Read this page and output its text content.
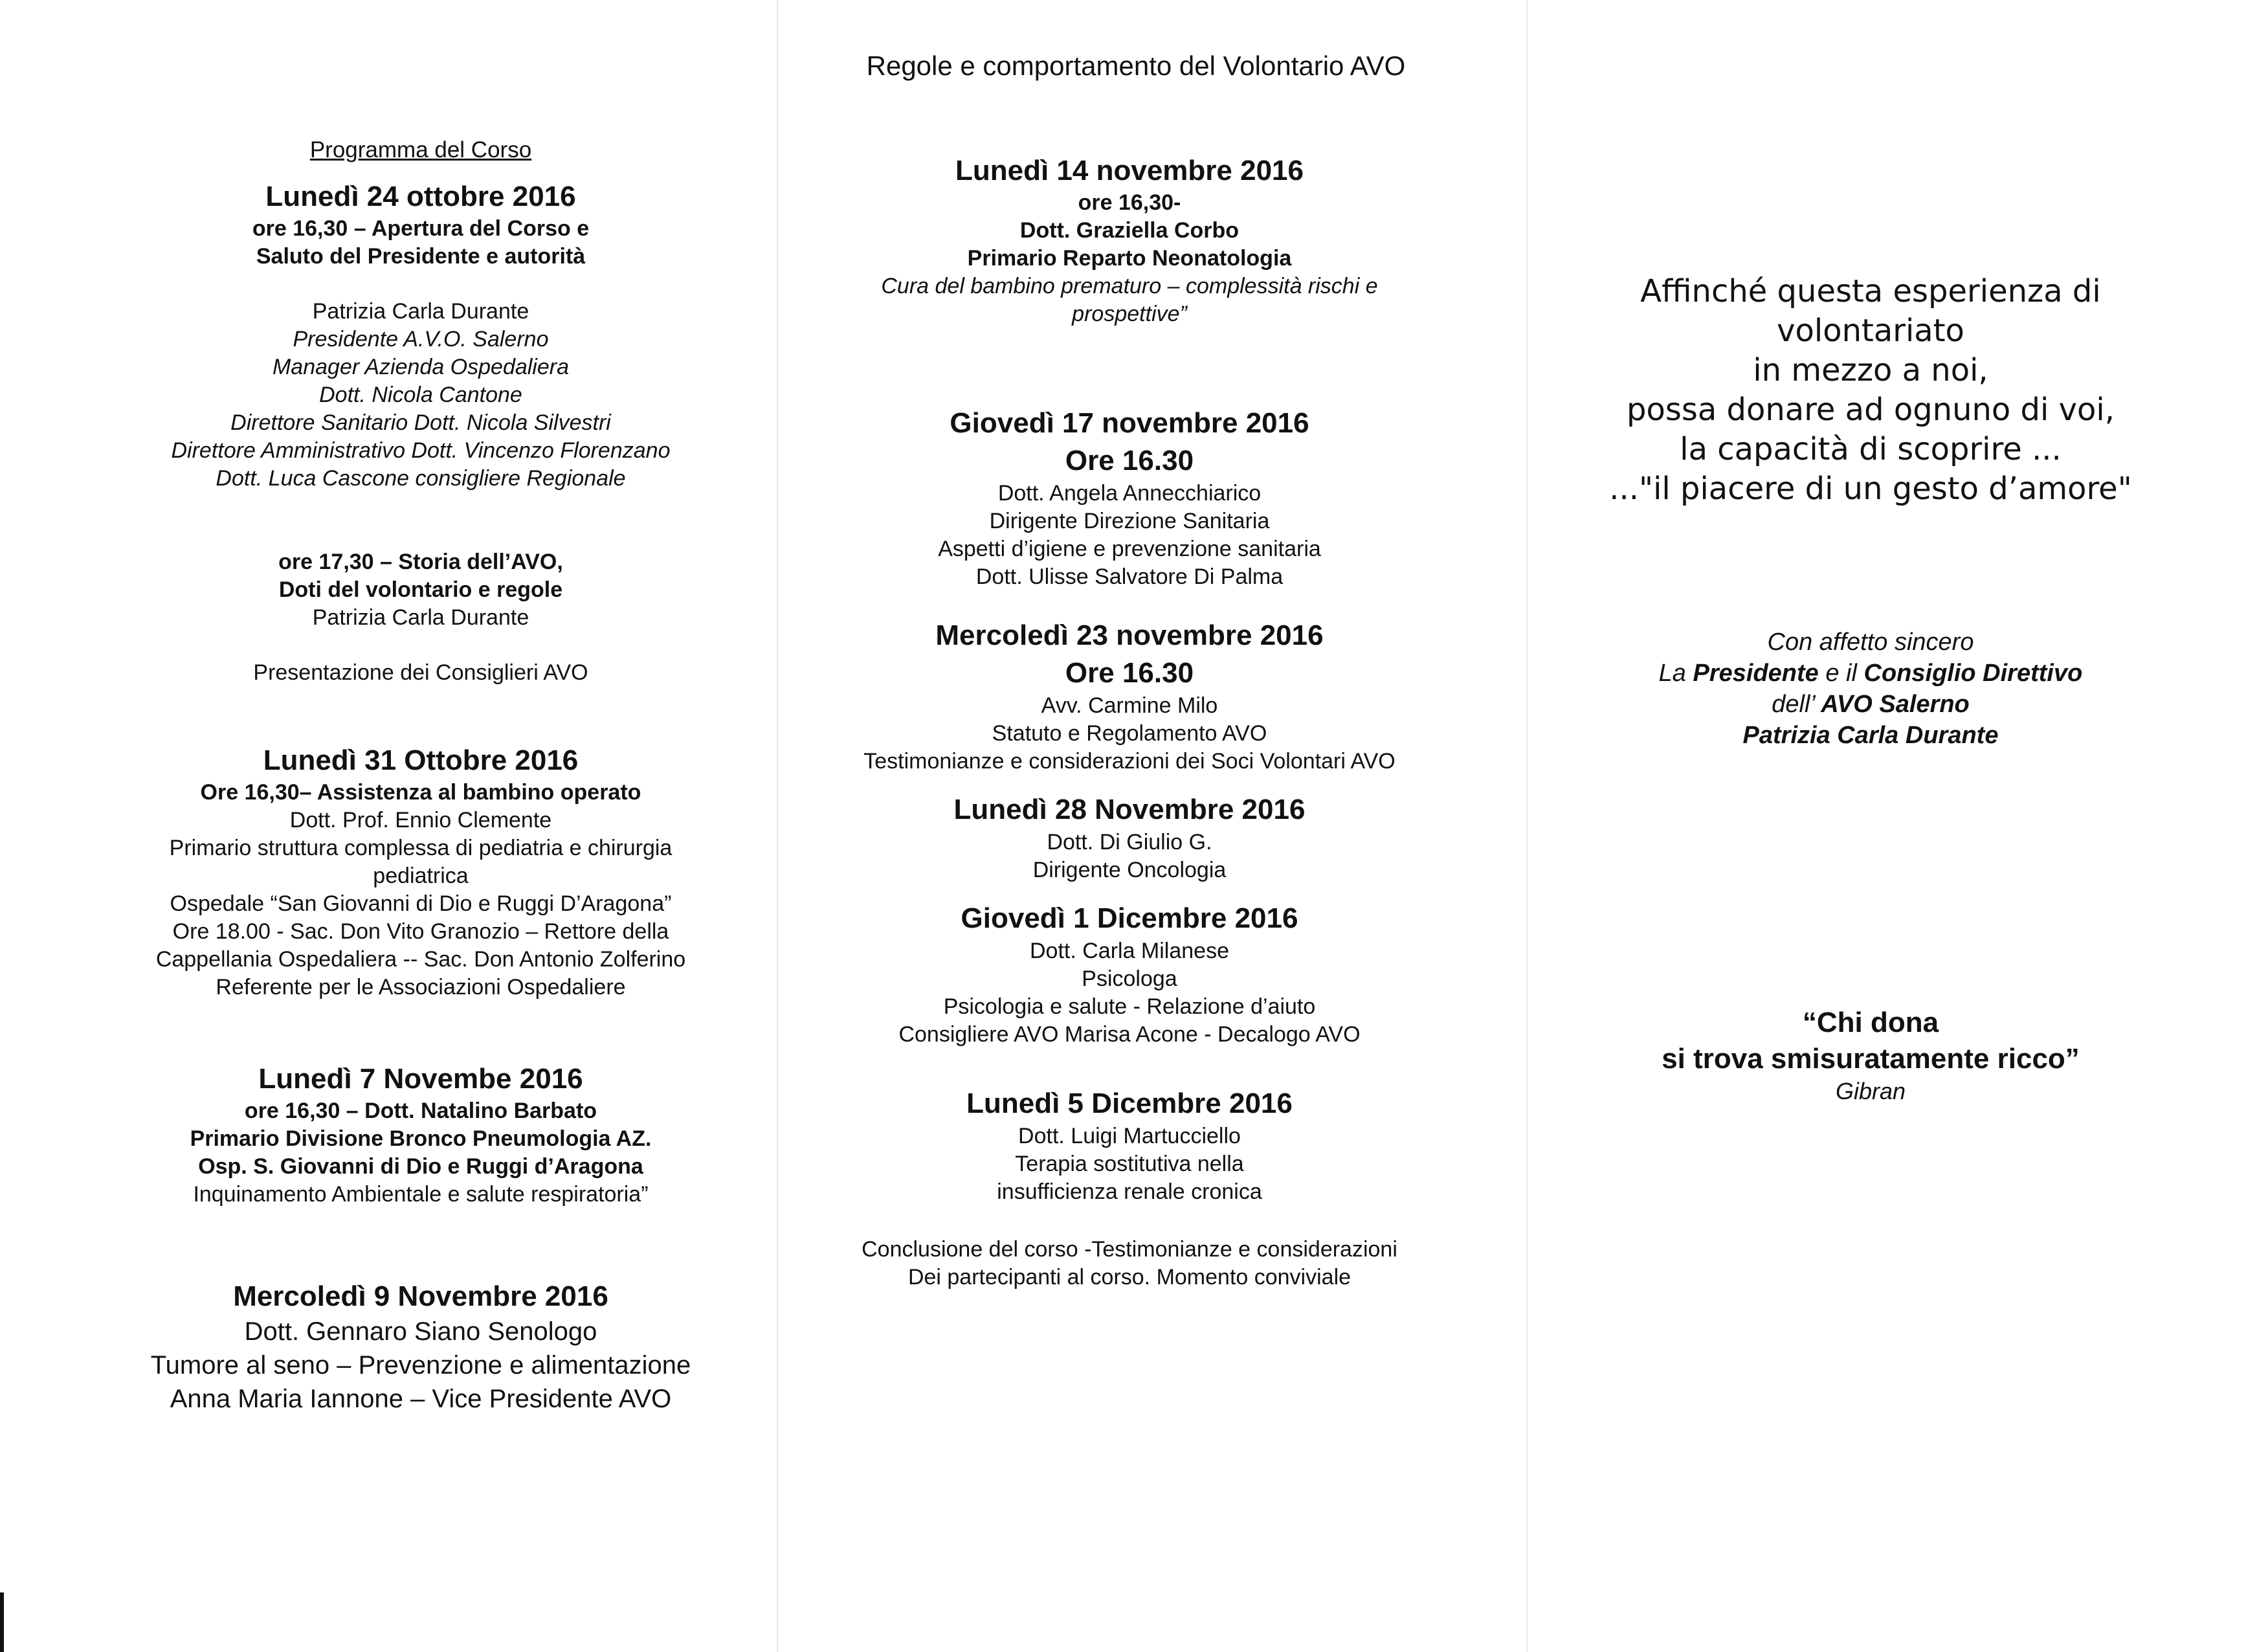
Regole e comportamento del Volontario AVO
Programma del Corso
Lunedì 24 ottobre 2016
ore 16,30 – Apertura del Corso e
Saluto del Presidente e autorità
Patrizia Carla Durante
Presidente A.V.O. Salerno
Manager Azienda Ospedaliera
Dott. Nicola Cantone
Direttore Sanitario Dott. Nicola Silvestri
Direttore Amministrativo Dott. Vincenzo Florenzano
Dott. Luca Cascone consigliere Regionale
ore 17,30 – Storia dell’AVO,
Doti del volontario e regole
Patrizia Carla Durante
Presentazione dei Consiglieri AVO
Lunedì 31 Ottobre 2016
Ore 16,30– Assistenza al bambino operato
Dott. Prof. Ennio Clemente
Primario struttura complessa di pediatria e chirurgia
pediatrica
Ospedale “San Giovanni di Dio e Ruggi D’Aragona”
Ore 18.00 - Sac. Don Vito Granozio – Rettore della
Cappellania Ospedaliera -- Sac. Don Antonio Zolferino
Referente per le Associazioni Ospedaliere
Lunedì 7 Novembe 2016
ore 16,30 – Dott. Natalino Barbato
Primario Divisione Bronco Pneumologia AZ.
Osp. S. Giovanni di Dio e Ruggi d’Aragona
Inquinamento Ambientale e salute respiratoria”
Mercoledì 9 Novembre 2016
Dott. Gennaro Siano Senologo
Tumore al seno – Prevenzione e alimentazione
Anna Maria Iannone – Vice Presidente AVO
Lunedì 14 novembre 2016
ore 16,30-
Dott. Graziella Corbo
Primario Reparto Neonatologia
Cura del bambino prematuro – complessità rischi e
prospettive”
Giovedì 17 novembre 2016
Ore 16.30
Dott. Angela Annecchiarico
Dirigente Direzione Sanitaria
Aspetti d’igiene e prevenzione sanitaria
Dott. Ulisse Salvatore Di Palma
Mercoledì 23 novembre 2016
Ore 16.30
Avv. Carmine Milo
Statuto e Regolamento AVO
Testimonianze e considerazioni dei Soci Volontari AVO
Lunedì 28 Novembre 2016
Dott. Di Giulio G.
Dirigente Oncologia
Giovedì 1 Dicembre 2016
Dott. Carla Milanese
Psicologa
Psicologia e salute - Relazione d’aiuto
Consigliere AVO Marisa Acone - Decalogo AVO
Lunedì 5 Dicembre 2016
Dott. Luigi Martucciello
Terapia sostitutiva nella
insufficienza renale cronica
Conclusione del corso -Testimonianze e considerazioni
Dei partecipanti al corso. Momento conviviale
Affinché questa esperienza di
volontariato
in mezzo a noi,
possa donare ad ognuno di voi,
la capacità di scoprire ...
..."il piacere di un gesto d’amore"
Con affetto sincero
La Presidente e il Consiglio Direttivo
dell’ AVO Salerno
Patrizia Carla Durante
“Chi dona
si trova smisuratamente ricco”
Gibran
